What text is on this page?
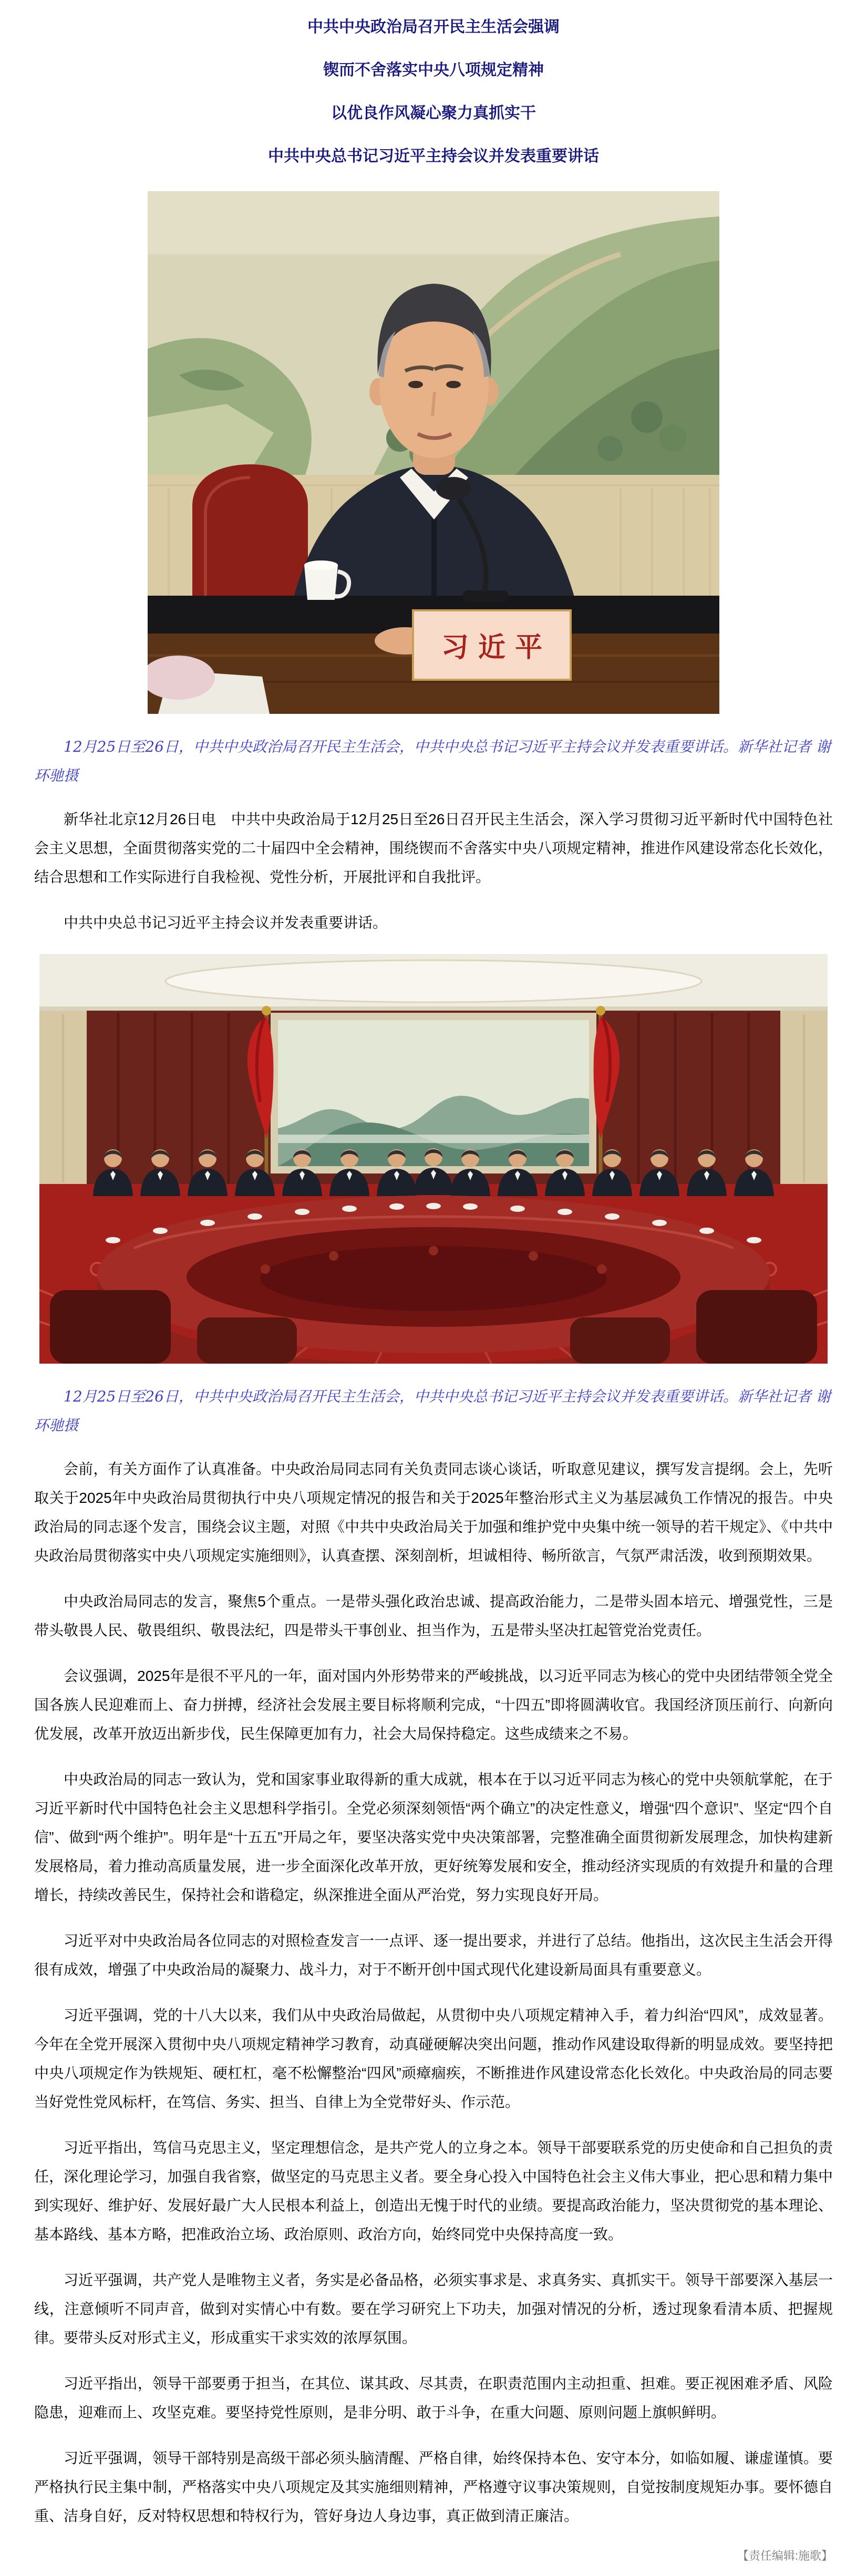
中共中央政治局召开民主生活会强调
锲而不舍落实中央八项规定精神
以优良作风凝心聚力真抓实干
中共中央总书记习近平主持会议并发表重要讲话
习 近 平

12月25日至26日，中共中央政治局召开民主生活会，中共中央总书记习近平主持会议并发表重要讲话。新华社记者 谢环驰摄

新华社北京12月26日电　中共中央政治局于12月25日至26日召开民主生活会，深入学习贯彻习近平新时代中国特色社会主义思想，全面贯彻落实党的二十届四中全会精神，围绕锲而不舍落实中央八项规定精神，推进作风建设常态化长效化，结合思想和工作实际进行自我检视、党性分析，开展批评和自我批评。

中共中央总书记习近平主持会议并发表重要讲话。

12月25日至26日，中共中央政治局召开民主生活会，中共中央总书记习近平主持会议并发表重要讲话。新华社记者 谢环驰摄

会前，有关方面作了认真准备。中央政治局同志同有关负责同志谈心谈话，听取意见建议，撰写发言提纲。会上，先听取关于2025年中央政治局贯彻执行中央八项规定情况的报告和关于2025年整治形式主义为基层减负工作情况的报告。中央政治局的同志逐个发言，围绕会议主题，对照《中共中央政治局关于加强和维护党中央集中统一领导的若干规定》、《中共中央政治局贯彻落实中央八项规定实施细则》，认真查摆、深刻剖析，坦诚相待、畅所欲言，气氛严肃活泼，收到预期效果。

中央政治局同志的发言，聚焦5个重点。一是带头强化政治忠诚、提高政治能力，二是带头固本培元、增强党性，三是带头敬畏人民、敬畏组织、敬畏法纪，四是带头干事创业、担当作为，五是带头坚决扛起管党治党责任。

会议强调，2025年是很不平凡的一年，面对国内外形势带来的严峻挑战，以习近平同志为核心的党中央团结带领全党全国各族人民迎难而上、奋力拼搏，经济社会发展主要目标将顺利完成，“十四五”即将圆满收官。我国经济顶压前行、向新向优发展，改革开放迈出新步伐，民生保障更加有力，社会大局保持稳定。这些成绩来之不易。

中央政治局的同志一致认为，党和国家事业取得新的重大成就，根本在于以习近平同志为核心的党中央领航掌舵，在于习近平新时代中国特色社会主义思想科学指引。全党必须深刻领悟“两个确立”的决定性意义，增强“四个意识”、坚定“四个自信”、做到“两个维护”。明年是“十五五”开局之年，要坚决落实党中央决策部署，完整准确全面贯彻新发展理念，加快构建新发展格局，着力推动高质量发展，进一步全面深化改革开放，更好统筹发展和安全，推动经济实现质的有效提升和量的合理增长，持续改善民生，保持社会和谐稳定，纵深推进全面从严治党，努力实现良好开局。

习近平对中央政治局各位同志的对照检查发言一一点评、逐一提出要求，并进行了总结。他指出，这次民主生活会开得很有成效，增强了中央政治局的凝聚力、战斗力，对于不断开创中国式现代化建设新局面具有重要意义。

习近平强调，党的十八大以来，我们从中央政治局做起，从贯彻中央八项规定精神入手，着力纠治“四风”，成效显著。今年在全党开展深入贯彻中央八项规定精神学习教育，动真碰硬解决突出问题，推动作风建设取得新的明显成效。要坚持把中央八项规定作为铁规矩、硬杠杠，毫不松懈整治“四风”顽瘴痼疾，不断推进作风建设常态化长效化。中央政治局的同志要当好党性党风标杆，在笃信、务实、担当、自律上为全党带好头、作示范。

习近平指出，笃信马克思主义，坚定理想信念，是共产党人的立身之本。领导干部要联系党的历史使命和自己担负的责任，深化理论学习，加强自我省察，做坚定的马克思主义者。要全身心投入中国特色社会主义伟大事业，把心思和精力集中到实现好、维护好、发展好最广大人民根本利益上，创造出无愧于时代的业绩。要提高政治能力，坚决贯彻党的基本理论、基本路线、基本方略，把准政治立场、政治原则、政治方向，始终同党中央保持高度一致。

习近平强调，共产党人是唯物主义者，务实是必备品格，必须实事求是、求真务实、真抓实干。领导干部要深入基层一线，注意倾听不同声音，做到对实情心中有数。要在学习研究上下功夫，加强对情况的分析，透过现象看清本质、把握规律。要带头反对形式主义，形成重实干求实效的浓厚氛围。

习近平指出，领导干部要勇于担当，在其位、谋其政、尽其责，在职责范围内主动担重、担难。要正视困难矛盾、风险隐患，迎难而上、攻坚克难。要坚持党性原则，是非分明、敢于斗争，在重大问题、原则问题上旗帜鲜明。

习近平强调，领导干部特别是高级干部必须头脑清醒、严格自律，始终保持本色、安守本分，如临如履、谦虚谨慎。要严格执行民主集中制，严格落实中央八项规定及其实施细则精神，严格遵守议事决策规则，自觉按制度规矩办事。要怀德自重、洁身自好，反对特权思想和特权行为，管好身边人身边事，真正做到清正廉洁。

【责任编辑:施歌】
